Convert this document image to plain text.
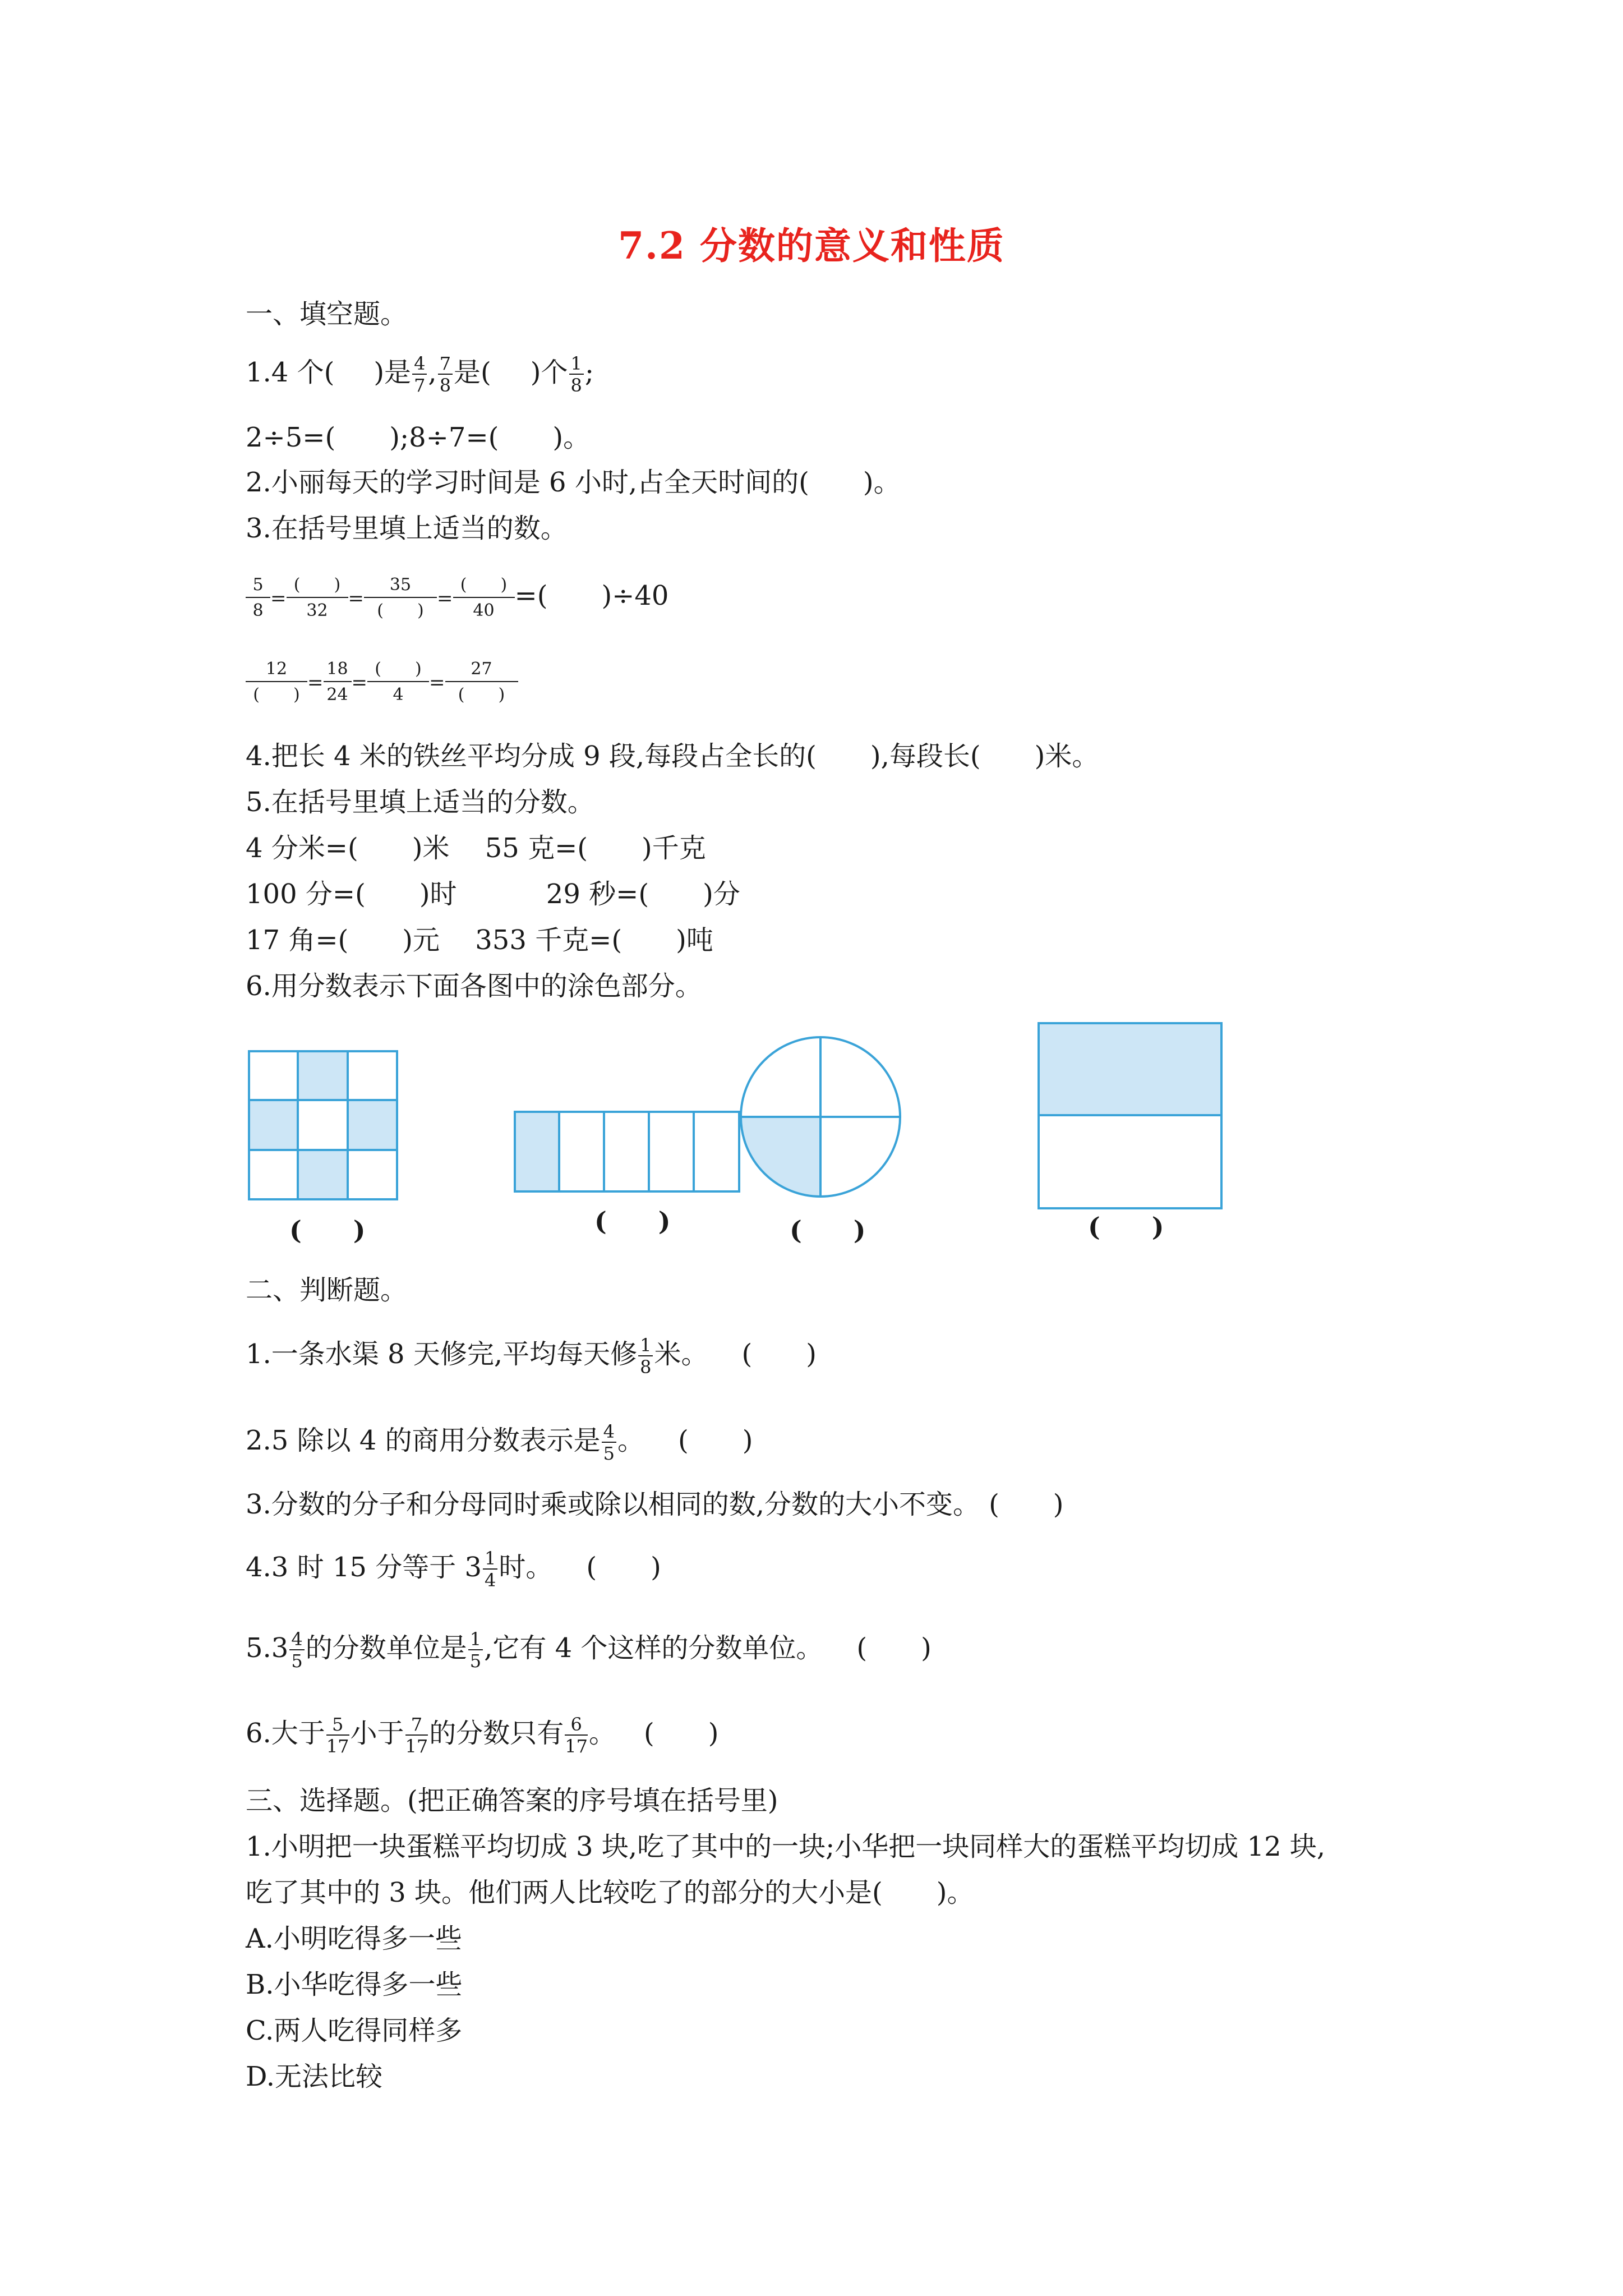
7.2 分数的意义和性质
一、填空题。
1.4 个( )是 $\frac{4}{7}$ , $\frac{7}{8}$ 是( )个 $\frac{1}{8}$ ;
2÷5=(　　);8÷7=(　　)。
2.小丽每天的学习时间是 6 小时,占全天时间的(　　)。
3.在括号里填上适当的数。
$\frac{5}{8}$ =
(　　)
32
=
35
(　　)
=
(　　)
40 =(　　)÷40
12
(　　)
= $\frac{18}{24}$ =
(　　)
4
=
27
(　　)
4.把长 4 米的铁丝平均分成 9 段,每段占全长的(　　),每段长(　　)米。
5.在括号里填上适当的分数。
4 分米=(　　)米　 55 克=(　　)千克
100 分=(　　)时　　　 29 秒=(　　)分
17 角=(　　)元　 353 千克=(　　)吨
6.用分数表示下面各图中的涂色部分。
(　　)	(　　)	(　　)	(　　)
二、判断题。
1.一条水渠 8 天修完,平均每天修 $\frac{1}{8}$ 米。 (　　)
2.5 除以 4 的商用分数表示是 $\frac{4}{5}$ 。 (　　)
3.分数的分子和分母同时乘或除以相同的数,分数的大小不变。 (　　)
4.3 时 15 分等于 $3 \frac{1}{4}$ 时。 (　　)
$5.3 \frac{4}{5}$ 的分数单位是 $\frac{1}{5}$ ,它有 4 个这样的分数单位。 (　　)
6.大于 $\frac{5}{17}$ 小于 $\frac{7}{17}$ 的分数只有 $\frac{6}{17}$ 。 (　　)
三、选择题。(把正确答案的序号填在括号里)
1.小明把一块蛋糕平均切成 3 块,吃了其中的一块;小华把一块同样大的蛋糕平均切成 12 块,
吃了其中的 3 块。他们两人比较吃了的部分的大小是(　　)。
A.小明吃得多一些
B.小华吃得多一些
C.两人吃得同样多
D.无法比较
